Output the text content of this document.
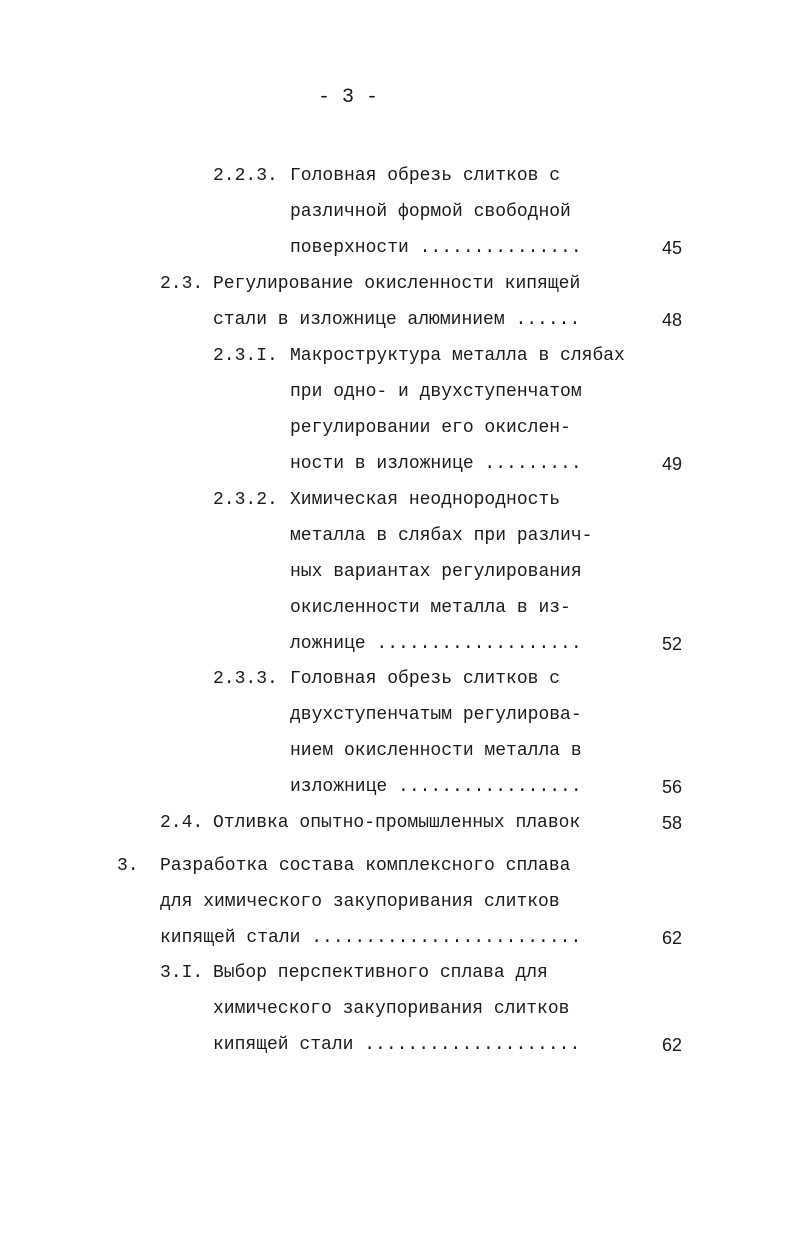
- 3 -
2.2.3. Головная обрезь слитков с
различной формой свободной
поверхности ...............	45
2.3. Регулирование окисленности кипящей
стали в изложнице алюминием ......	48
2.3.I. Макроструктура металла в слябах
при одно- и двухступенчатом
регулировании его окислен-
ности в изложнице .........	49
2.3.2. Химическая неоднородность
металла в слябах при различ-
ных вариантах регулирования
окисленности металла в из-
ложнице ...................	52
2.3.3. Головная обрезь слитков с
двухступенчатым регулирова-
нием окисленности металла в
изложнице .................	56
2.4. Отливка опытно-промышленных плавок	58
3. Разработка состава комплексного сплава
для химического закупоривания слитков
кипящей стали .........................	62
3.I. Выбор перспективного сплава для
химического закупоривания слитков
кипящей стали ....................	62
